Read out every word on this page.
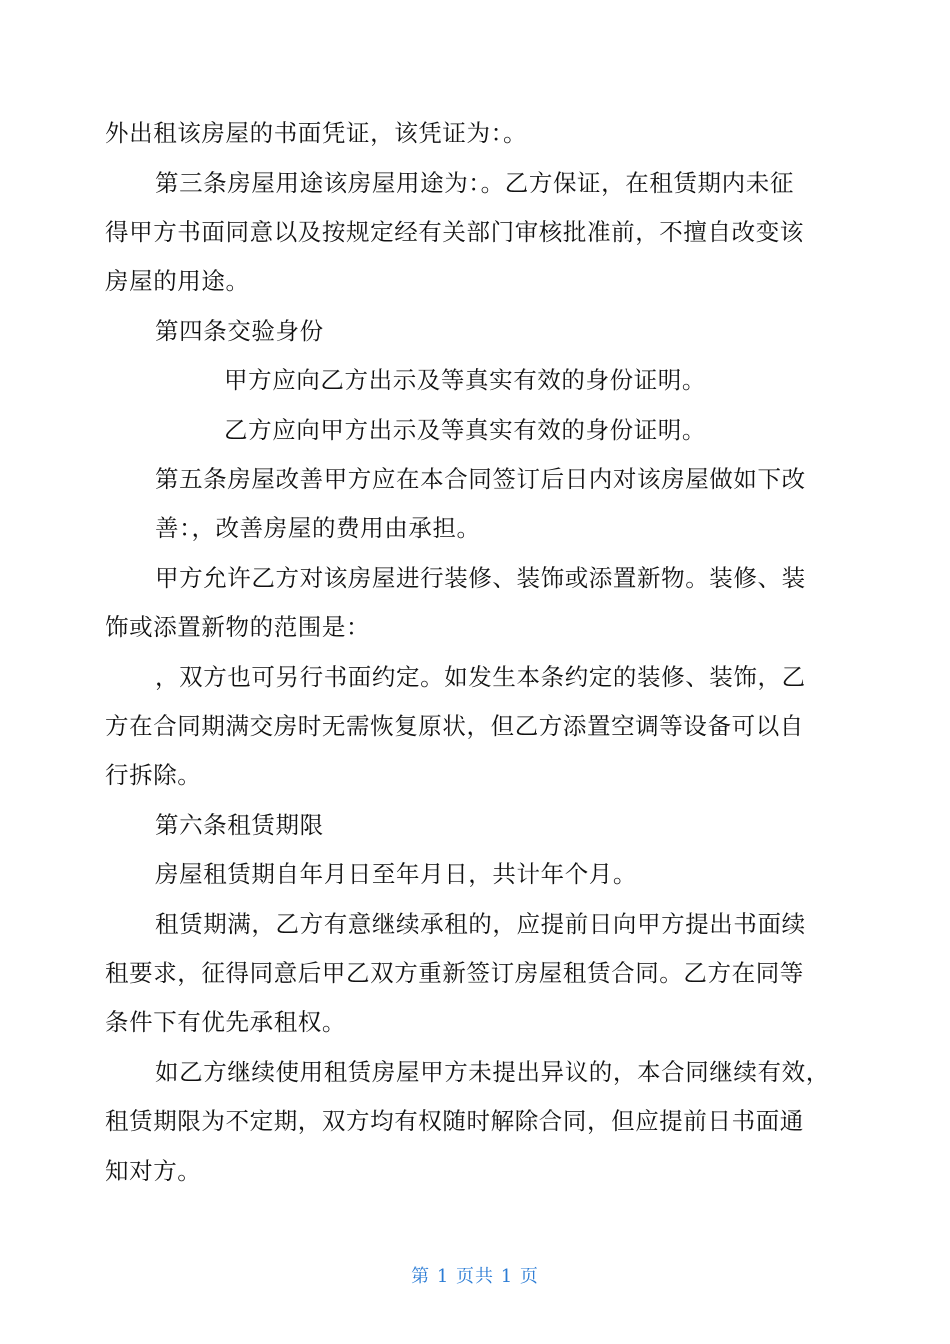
外出租该房屋的书面凭证，该凭证为：。
第三条房屋用途该房屋用途为：。乙方保证，在租赁期内未征
得甲方书面同意以及按规定经有关部门审核批准前，不擅自改变该
房屋的用途。
第四条交验身份
甲方应向乙方出示及等真实有效的身份证明。
乙方应向甲方出示及等真实有效的身份证明。
第五条房屋改善甲方应在本合同签订后日内对该房屋做如下改
善：，改善房屋的费用由承担。
甲方允许乙方对该房屋进行装修、装饰或添置新物。装修、装
饰或添置新物的范围是：
，双方也可另行书面约定。如发生本条约定的装修、装饰，乙
方在合同期满交房时无需恢复原状，但乙方添置空调等设备可以自
行拆除。
第六条租赁期限
房屋租赁期自年月日至年月日，共计年个月。
租赁期满，乙方有意继续承租的，应提前日向甲方提出书面续
租要求，征得同意后甲乙双方重新签订房屋租赁合同。乙方在同等
条件下有优先承租权。
如乙方继续使用租赁房屋甲方未提出异议的，本合同继续有效，
租赁期限为不定期，双方均有权随时解除合同，但应提前日书面通
知对方。
第 1 页共 1 页
